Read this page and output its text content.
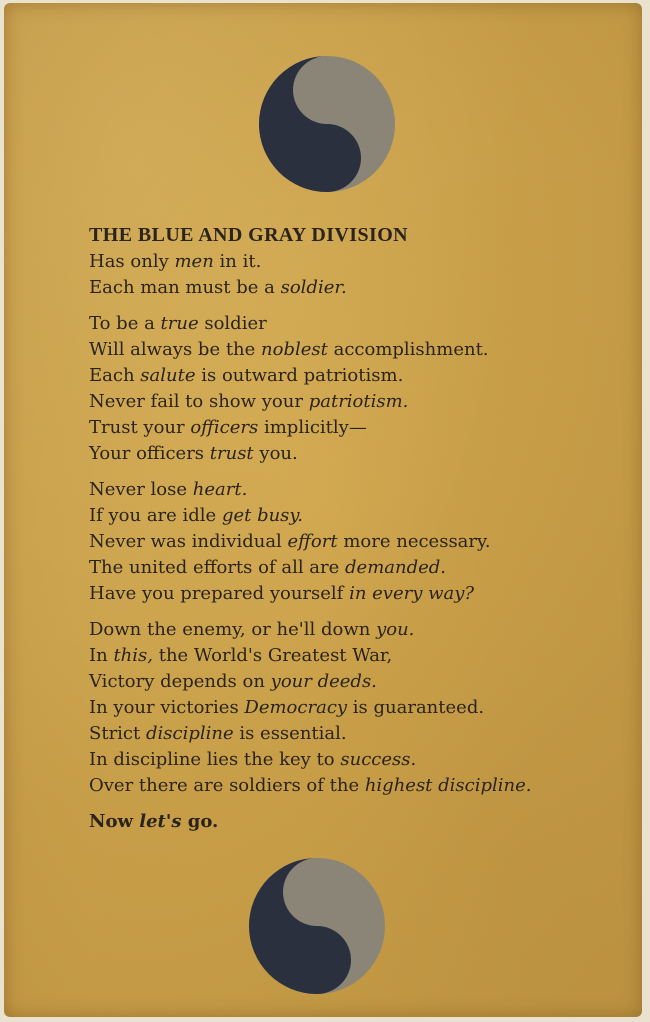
THE BLUE AND GRAY DIVISION
Has only men in it.
Each man must be a soldier.
To be a true soldier
Will always be the noblest accomplishment.
Each salute is outward patriotism.
Never fail to show your patriotism.
Trust your officers implicitly—
Your officers trust you.
Never lose heart.
If you are idle get busy.
Never was individual effort more necessary.
The united efforts of all are demanded.
Have you prepared yourself in every way?
Down the enemy, or he'll down you.
In this, the World's Greatest War,
Victory depends on your deeds.
In your victories Democracy is guaranteed.
Strict discipline is essential.
In discipline lies the key to success.
Over there are soldiers of the highest discipline.
Now let's go.
